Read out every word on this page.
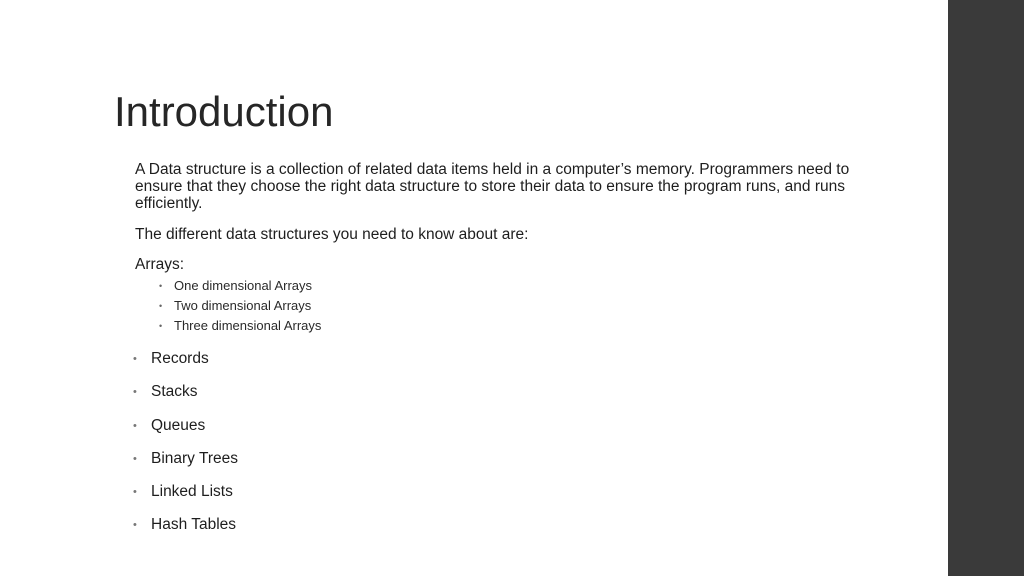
Introduction

A Data structure is a collection of related data items held in a computer’s memory. Programmers need to ensure that they choose the right data structure to store their data to ensure the program runs, and runs efficiently.

The different data structures you need to know about are:

Arrays:

• One dimensional Arrays
• Two dimensional Arrays
• Three dimensional Arrays
• Records
• Stacks
• Queues
• Binary Trees
• Linked Lists
• Hash Tables
